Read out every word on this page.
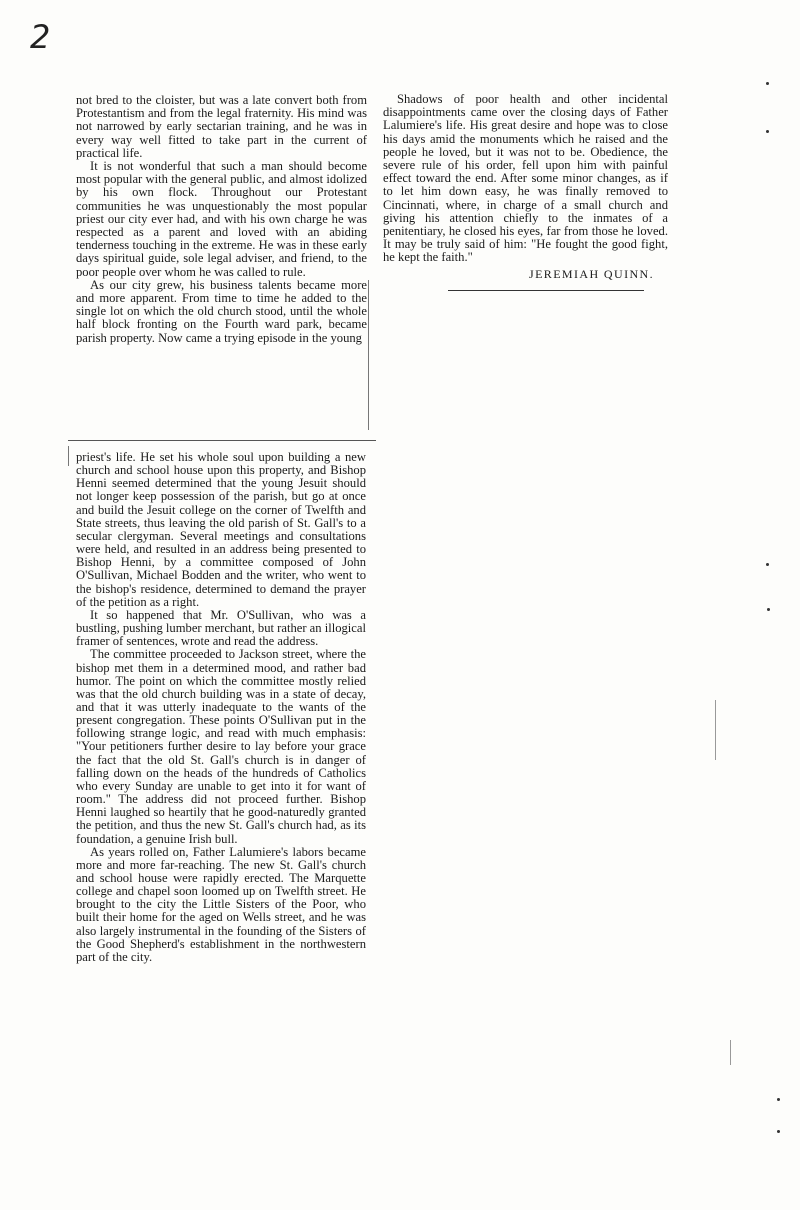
2

not bred to the cloister, but was a late convert both from Protestantism and from the legal fraternity. His mind was not narrowed by early sectarian training, and he was in every way well fitted to take part in the current of practical life.

It is not wonderful that such a man should become most popular with the general public, and almost idolized by his own flock. Throughout our Protestant communities he was unquestionably the most popular priest our city ever had, and with his own charge he was respected as a parent and loved with an abiding tenderness touching in the extreme. He was in these early days spiritual guide, sole legal adviser, and friend, to the poor people over whom he was called to rule.

As our city grew, his business talents became more and more apparent. From time to time he added to the single lot on which the old church stood, until the whole half block fronting on the Fourth ward park, became parish property. Now came a trying episode in the young

Shadows of poor health and other incidental disappointments came over the closing days of Father Lalumiere's life. His great desire and hope was to close his days amid the monuments which he raised and the people he loved, but it was not to be. Obedience, the severe rule of his order, fell upon him with painful effect toward the end. After some minor changes, as if to let him down easy, he was finally removed to Cincinnati, where, in charge of a small church and giving his attention chiefly to the inmates of a penitentiary, he closed his eyes, far from those he loved. It may be truly said of him: "He fought the good fight, he kept the faith."

JEREMIAH QUINN.

priest's life. He set his whole soul upon building a new church and school house upon this property, and Bishop Henni seemed determined that the young Jesuit should not longer keep possession of the parish, but go at once and build the Jesuit college on the corner of Twelfth and State streets, thus leaving the old parish of St. Gall's to a secular clergyman. Several meetings and consultations were held, and resulted in an address being presented to Bishop Henni, by a committee composed of John O'Sullivan, Michael Bodden and the writer, who went to the bishop's residence, determined to demand the prayer of the petition as a right.

It so happened that Mr. O'Sullivan, who was a bustling, pushing lumber merchant, but rather an illogical framer of sentences, wrote and read the address.

The committee proceeded to Jackson street, where the bishop met them in a determined mood, and rather bad humor. The point on which the committee mostly relied was that the old church building was in a state of decay, and that it was utterly inadequate to the wants of the present congregation. These points O'Sullivan put in the following strange logic, and read with much emphasis: "Your petitioners further desire to lay before your grace the fact that the old St. Gall's church is in danger of falling down on the heads of the hundreds of Catholics who every Sunday are unable to get into it for want of room." The address did not proceed further. Bishop Henni laughed so heartily that he good-naturedly granted the petition, and thus the new St. Gall's church had, as its foundation, a genuine Irish bull.

As years rolled on, Father Lalumiere's labors became more and more far-reaching. The new St. Gall's church and school house were rapidly erected. The Marquette college and chapel soon loomed up on Twelfth street. He brought to the city the Little Sisters of the Poor, who built their home for the aged on Wells street, and he was also largely instrumental in the founding of the Sisters of the Good Shepherd's establishment in the northwestern part of the city.
